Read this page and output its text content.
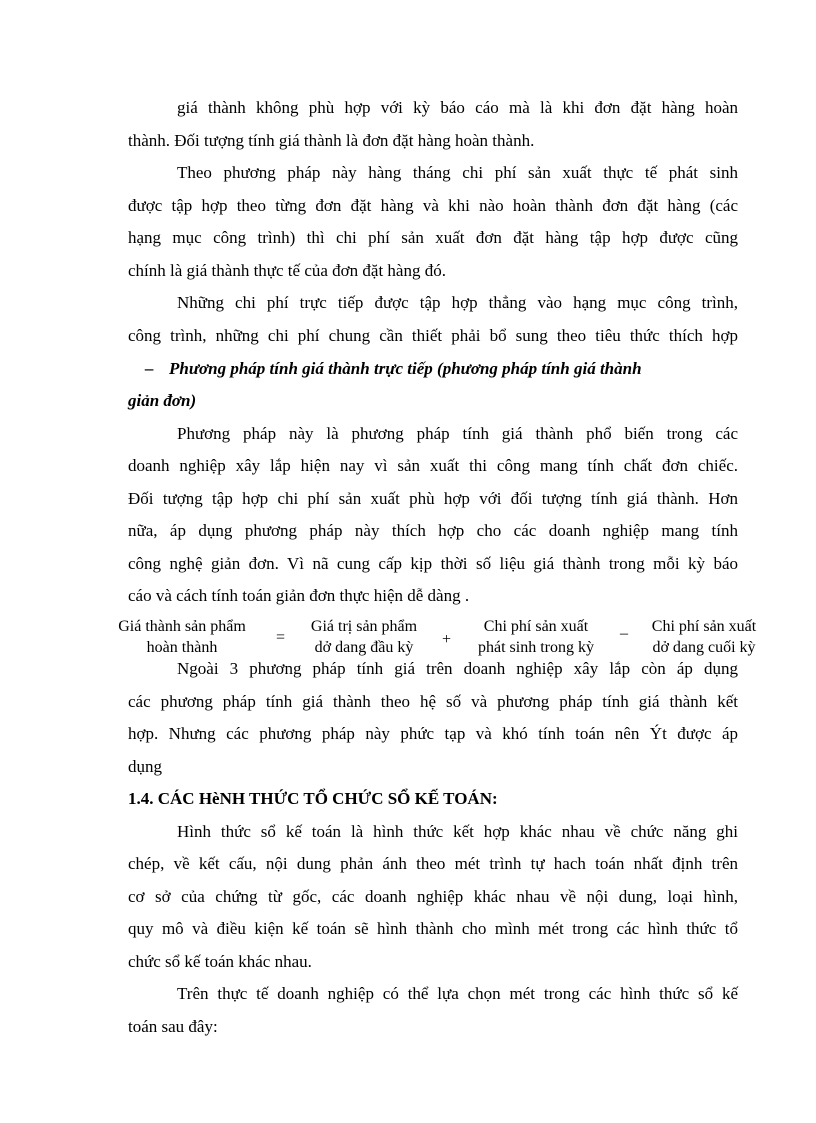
giá thành không phù hợp với kỳ báo cáo mà là khi đơn đặt hàng hoàn
thành. Đối tượng tính giá thành là đơn đặt hàng hoàn thành.
Theo phương pháp này hàng tháng chi phí sản xuất thực tế phát sinh
được tập hợp theo từng đơn đặt hàng và khi nào hoàn thành đơn đặt hàng (các
hạng mục công trình) thì chi phí sản xuất đơn đặt hàng tập hợp được cũng
chính là giá thành thực tế của đơn đặt hàng đó.
Những chi phí trực tiếp được tập hợp thẳng vào hạng mục công trình,
công trình, những chi phí chung cần thiết phải bổ sung theo tiêu thức thích hợp
– Phương pháp tính giá thành trực tiếp (phương pháp tính giá thành
giản đơn)
Phương pháp này là phương pháp tính giá thành phổ biến trong các
doanh nghiệp xây lắp hiện nay vì sản xuất thi công mang tính chất đơn chiếc.
Đối tượng tập hợp chi phí sản xuất phù hợp với đối tượng tính giá thành. Hơn
nữa, áp dụng phương pháp này thích hợp cho các doanh nghiệp mang tính
công nghệ giản đơn. Vì nã cung cấp kịp thời số liệu giá thành trong mỗi kỳ báo
cáo và cách tính toán giản đơn thực hiện dễ dàng .
Giá thành sản phẩm
hoàn thành
=
Giá trị sản phẩm
dở dang đầu kỳ	+
Chi phí sản xuất
phát sinh trong kỳ
–	Chi phí sản xuất
dở dang cuối kỳ
Ngoài 3 phương pháp tính giá trên doanh nghiệp xây lắp còn áp dụng
các phương pháp tính giá thành theo hệ số và phương pháp tính giá thành kết
hợp. Nhưng các phương pháp này phức tạp và khó tính toán nên Ýt được áp
dụng
1.4. CÁC HèNH THỨC TỔ CHỨC SỔ KẾ TOÁN:
Hình thức sổ kế toán là hình thức kết hợp khác nhau về chức năng ghi
chép, về kết cấu, nội dung phản ánh theo mét trình tự hach toán nhất định trên
cơ sở của chứng từ gốc, các doanh nghiệp khác nhau về nội dung, loại hình,
quy mô và điều kiện kế toán sẽ hình thành cho mình mét trong các hình thức tổ
chức sổ kế toán khác nhau.
Trên thực tế doanh nghiệp có thể lựa chọn mét trong các hình thức sổ kế
toán sau đây:
